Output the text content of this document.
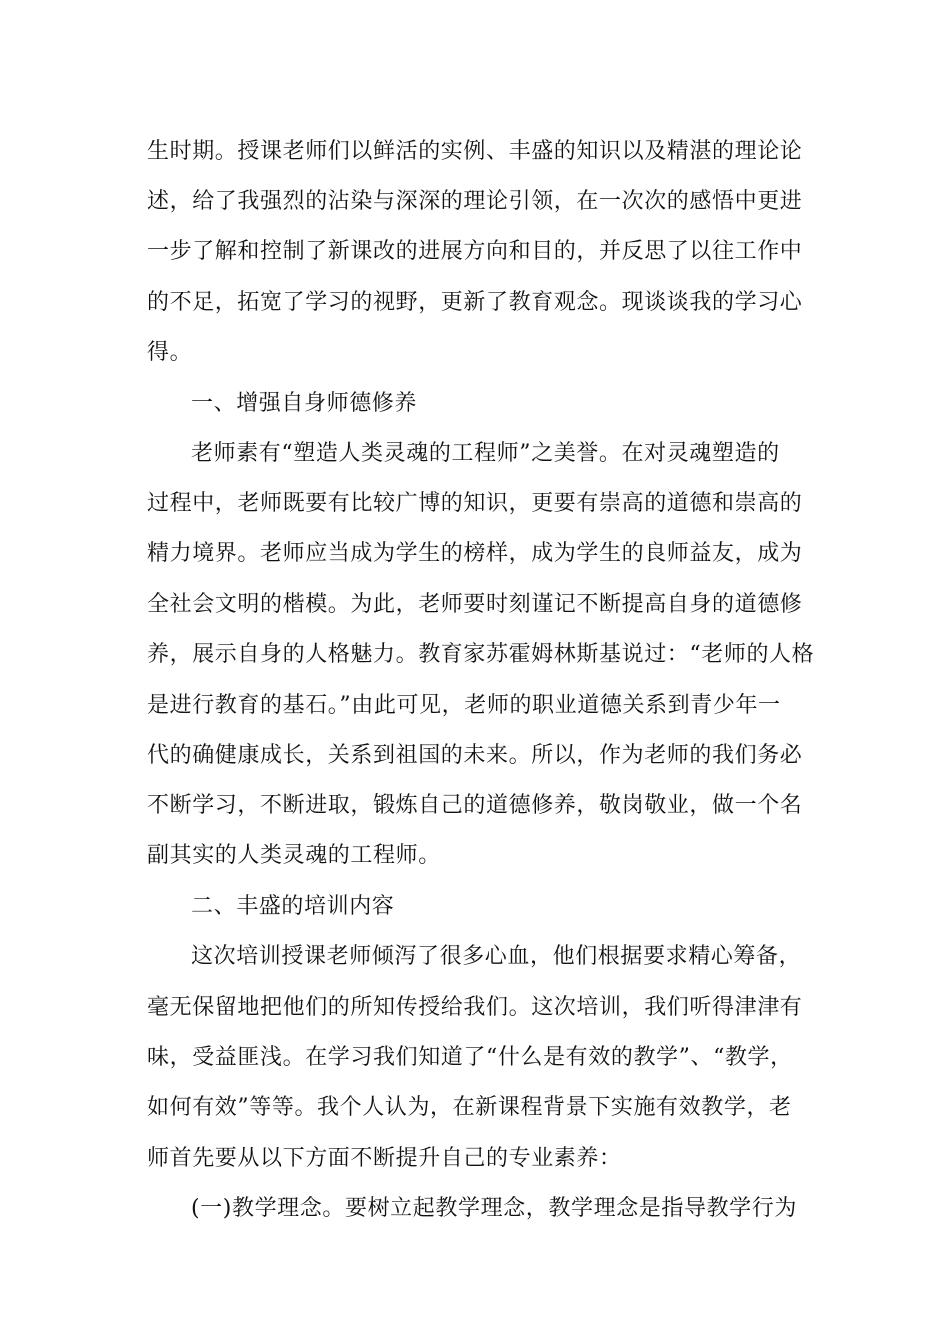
生时期。授课老师们以鲜活的实例、丰盛的知识以及精湛的理论论
述，给了我强烈的沾染与深深的理论引领，在一次次的感悟中更进
一步了解和控制了新课改的进展方向和目的，并反思了以往工作中
的不足，拓宽了学习的视野，更新了教育观念。现谈谈我的学习心
得。
一、增强自身师德修养
老师素有“塑造人类灵魂的工程师”之美誉。在对灵魂塑造的
过程中，老师既要有比较广博的知识，更要有崇高的道德和崇高的
精力境界。老师应当成为学生的榜样，成为学生的良师益友，成为
全社会文明的楷模。为此，老师要时刻谨记不断提高自身的道德修
养，展示自身的人格魅力。教育家苏霍姆林斯基说过：“老师的人格
是进行教育的基石。”由此可见，老师的职业道德关系到青少年一
代的确健康成长，关系到祖国的未来。所以，作为老师的我们务必
不断学习，不断进取，锻炼自己的道德修养，敬岗敬业，做一个名
副其实的人类灵魂的工程师。
二、丰盛的培训内容
这次培训授课老师倾泻了很多心血，他们根据要求精心筹备，
毫无保留地把他们的所知传授给我们。这次培训，我们听得津津有
味，受益匪浅。在学习我们知道了“什么是有效的教学”、“教学，
如何有效”等等。我个人认为，在新课程背景下实施有效教学，老
师首先要从以下方面不断提升自己的专业素养：
(一)教学理念。要树立起教学理念，教学理念是指导教学行为
